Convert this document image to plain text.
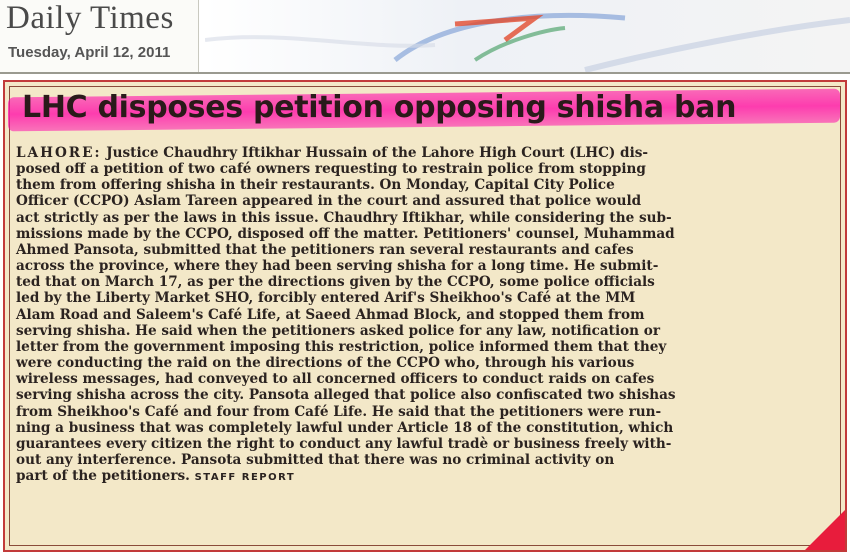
Daily Times
Tuesday, April 12, 2011
LHC disposes petition opposing shisha ban

LAHORE: Justice Chaudhry Iftikhar Hussain of the Lahore High Court (LHC) dis-
posed off a petition of two café owners requesting to restrain police from stopping
them from offering shisha in their restaurants. On Monday, Capital City Police
Officer (CCPO) Aslam Tareen appeared in the court and assured that police would
act strictly as per the laws in this issue. Chaudhry Iftikhar, while considering the sub-
missions made by the CCPO, disposed off the matter. Petitioners' counsel, Muhammad
Ahmed Pansota, submitted that the petitioners ran several restaurants and cafes
across the province, where they had been serving shisha for a long time. He submit-
ted that on March 17, as per the directions given by the CCPO, some police officials
led by the Liberty Market SHO, forcibly entered Arif's Sheikhoo's Café at the MM
Alam Road and Saleem's Café Life, at Saeed Ahmad Block, and stopped them from
serving shisha. He said when the petitioners asked police for any law, notification or
letter from the government imposing this restriction, police informed them that they
were conducting the raid on the directions of the CCPO who, through his various
wireless messages, had conveyed to all concerned officers to conduct raids on cafes
serving shisha across the city. Pansota alleged that police also confiscated two shishas
from Sheikhoo's Café and four from Café Life. He said that the petitioners were run-
ning a business that was completely lawful under Article 18 of the constitution, which
guarantees every citizen the right to conduct any lawful tradè or business freely with-
out any interference. Pansota submitted that there was no criminal activity on
part of the petitioners. STAFF REPORT
